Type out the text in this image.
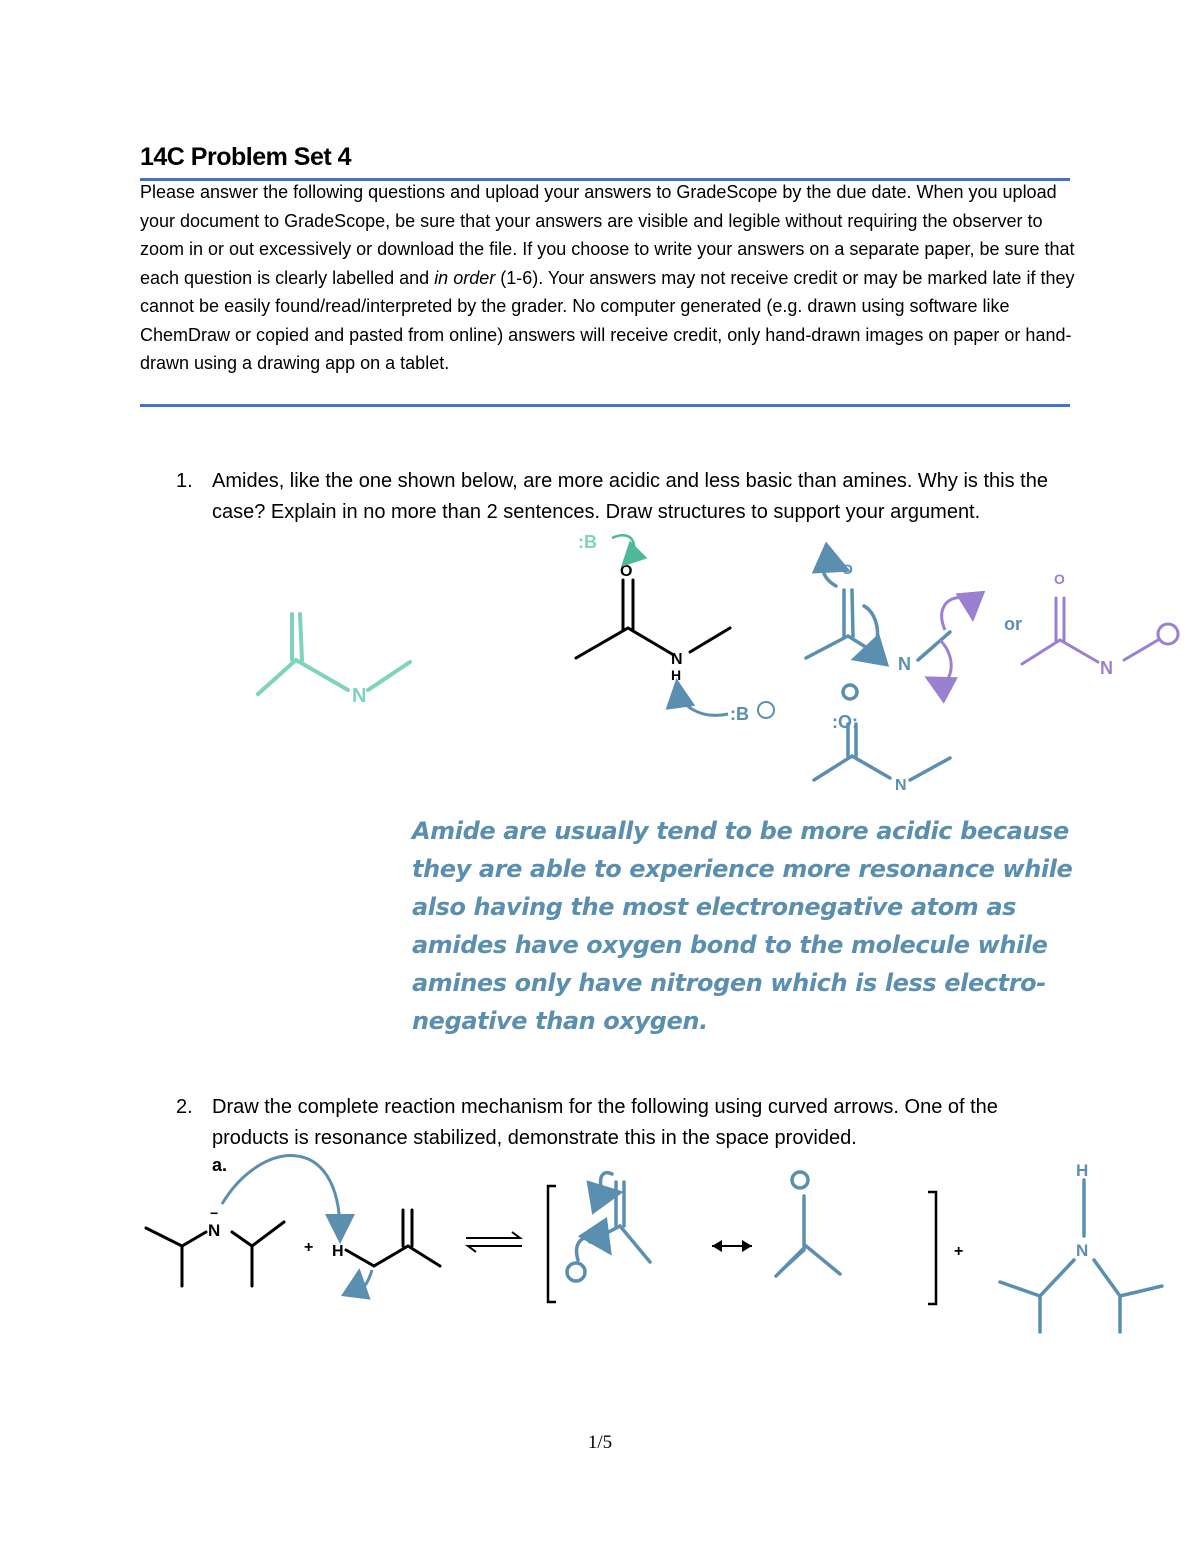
14C Problem Set 4

Please answer the following questions and upload your answers to GradeScope by the due date. When you upload your document to GradeScope, be sure that your answers are visible and legible without requiring the observer to zoom in or out excessively or download the file. If you choose to write your answers on a separate paper, be sure that each question is clearly labelled and in order (1-6). Your answers may not receive credit or may be marked late if they cannot be easily found/read/interpreted by the grader. No computer generated (e.g. drawn using software like ChemDraw or copied and pasted from online) answers will receive credit, only hand-drawn images on paper or hand-drawn using a drawing app on a tablet.

1. Amides, like the one shown below, are more acidic and less basic than amines. Why is this the case? Explain in no more than 2 sentences. Draw structures to support your argument.
2. Draw the complete reaction mechanism for the following using curved arrows. One of the products is resonance stabilized, demonstrate this in the space provided.
a.
Amide are usually tend to be more acidic because
they are able to experience more resonance while
also having the most electronegative atom as
amides have oxygen bond to the molecule while
amines only have nitrogen which is less electro-
negative than oxygen.
N
O
N
H
:B
:B
O
N
or
O
N
:O:
N
N
−
+ H	+
H
N
1/5
